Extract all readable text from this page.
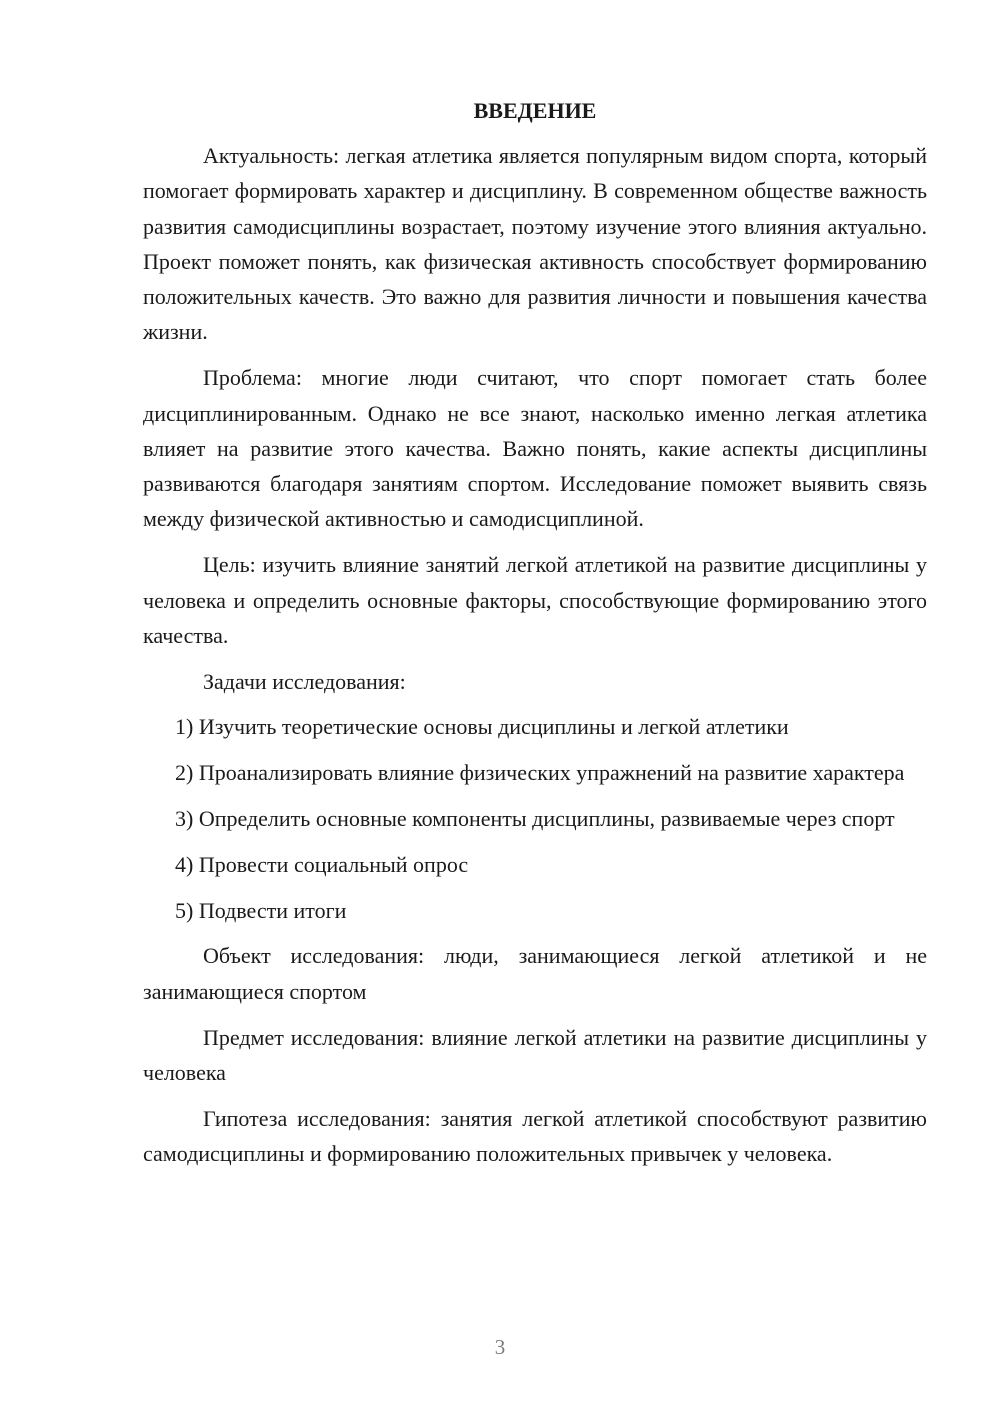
ВВЕДЕНИЕ

Актуальность: легкая атлетика является популярным видом спорта, который помогает формировать характер и дисциплину. В современном обществе важность развития самодисциплины возрастает, поэтому изучение этого влияния актуально. Проект поможет понять, как физическая активность способствует формированию положительных качеств. Это важно для развития личности и повышения качества жизни.

Проблема: многие люди считают, что спорт помогает стать более дисциплинированным. Однако не все знают, насколько именно легкая атлетика влияет на развитие этого качества. Важно понять, какие аспекты дисциплины развиваются благодаря занятиям спортом. Исследование поможет выявить связь между физической активностью и самодисциплиной.

Цель: изучить влияние занятий легкой атлетикой на развитие дисциплины у человека и определить основные факторы, способствующие формированию этого качества.

Задачи исследования:

1) Изучить теоретические основы дисциплины и легкой атлетики

2) Проанализировать влияние физических упражнений на развитие характера

3) Определить основные компоненты дисциплины, развиваемые через спорт

4) Провести социальный опрос

5) Подвести итоги

Объект исследования: люди, занимающиеся легкой атлетикой и не занимающиеся спортом

Предмет исследования: влияние легкой атлетики на развитие дисциплины у человека

Гипотеза исследования: занятия легкой атлетикой способствуют развитию самодисциплины и формированию положительных привычек у человека.

3
